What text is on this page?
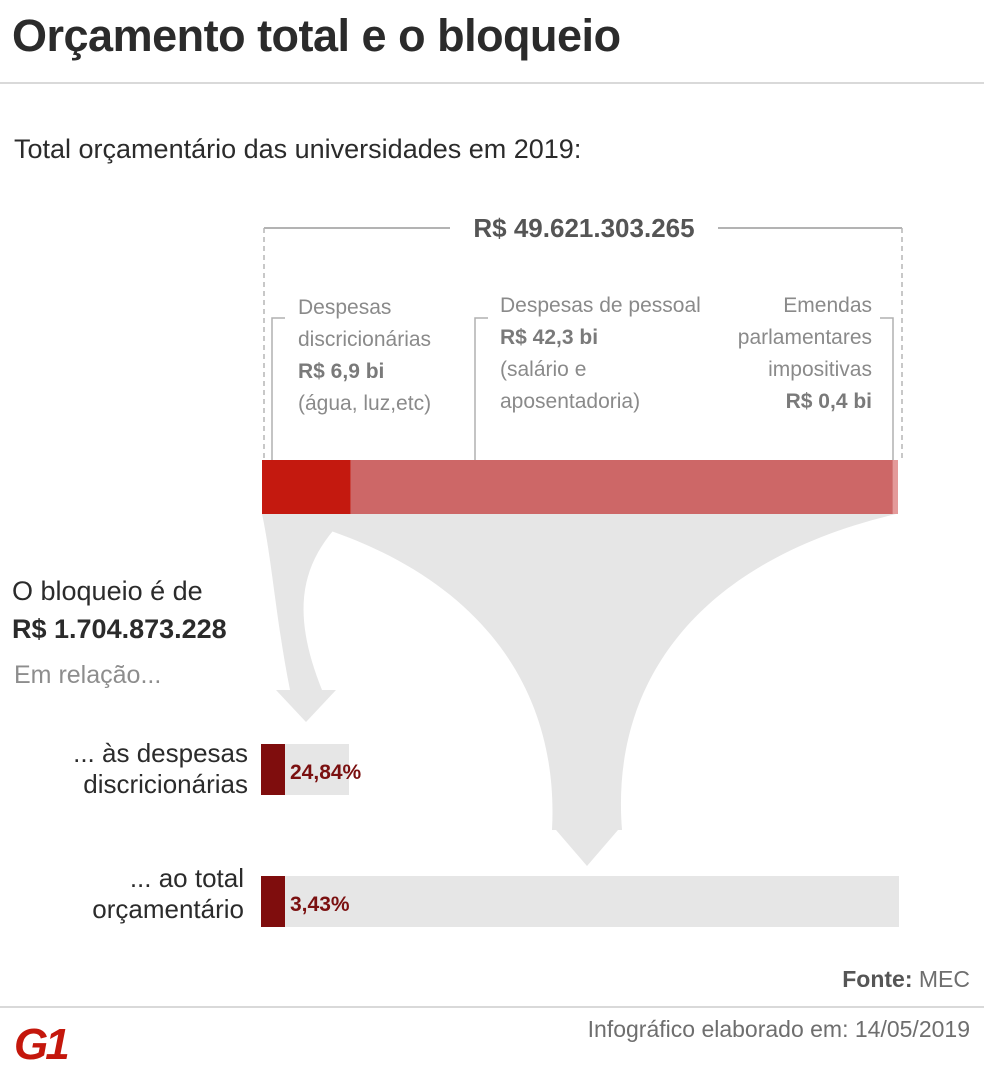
Orçamento total e o bloqueio
Total orçamentário das universidades em 2019:
R$ 49.621.303.265
Despesas
discricionárias
R$ 6,9 bi
(água, luz,etc)
Despesas de pessoal
R$ 42,3 bi
(salário e
aposentadoria)
Emendas
parlamentares
impositivas
R$ 0,4 bi
O bloqueio é de
R$ 1.704.873.228
Em relação...
... às despesas
discricionárias 24,84%
... ao total
orçamentário 3,43%
Fonte: MEC
G1	Infográfico elaborado em: 14/05/2019
